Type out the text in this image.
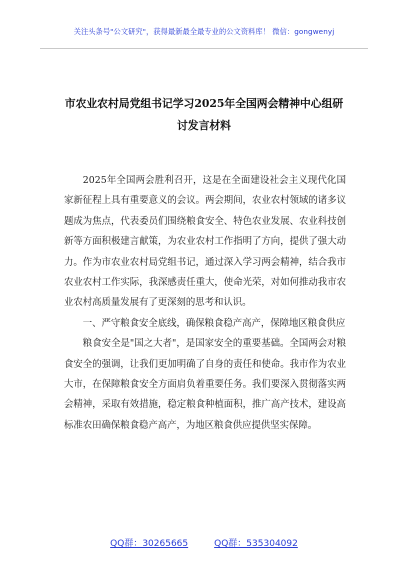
关注头条号"公文研究"，获得最新最全最专业的公文资料库！ 微信：gongwenyj
市农业农村局党组书记学习2025年全国两会精神中心组研
讨发言材料

2025年全国两会胜利召开，这是在全面建设社会主义现代化国家新征程上具有重要意义的会议。两会期间，农业农村领域的诸多议题成为焦点，代表委员们围绕粮食安全、特色农业发展、农业科技创新等方面积极建言献策，为农业农村工作指明了方向，提供了强大动力。作为市农业农村局党组书记，通过深入学习两会精神，结合我市农业农村工作实际，我深感责任重大，使命光荣，对如何推动我市农业农村高质量发展有了更深刻的思考和认识。

一、严守粮食安全底线，确保粮食稳产高产，保障地区粮食供应

粮食安全是"国之大者"，是国家安全的重要基础。全国两会对粮食安全的强调，让我们更加明确了自身的责任和使命。我市作为农业大市，在保障粮食安全方面肩负着重要任务。我们要深入贯彻落实两会精神，采取有效措施，稳定粮食种植面积，推广高产技术，建设高标准农田确保粮食稳产高产，为地区粮食供应提供坚实保障。

QQ群：30265665	QQ群：535304092
